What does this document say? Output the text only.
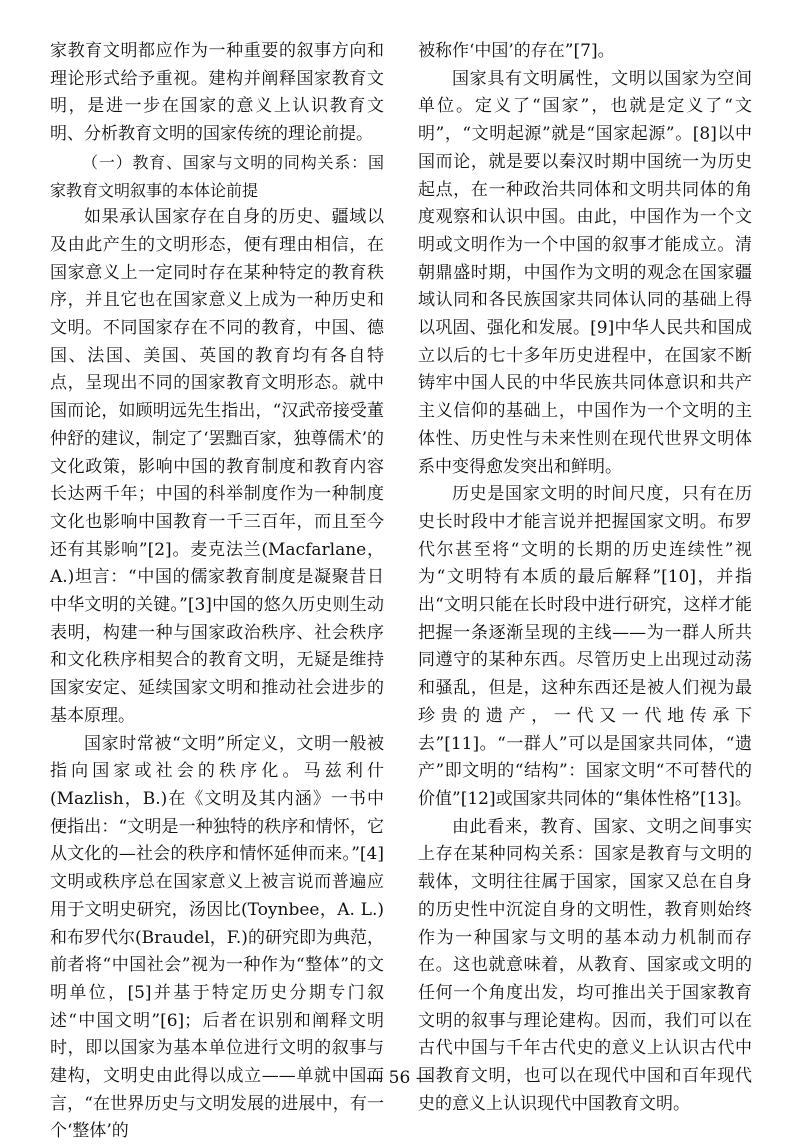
家教育文明都应作为一种重要的叙事方向和理论形式给予重视。建构并阐释国家教育文明，是进一步在国家的意义上认识教育文明、分析教育文明的国家传统的理论前提。

（一）教育、国家与文明的同构关系：国家教育文明叙事的本体论前提

如果承认国家存在自身的历史、疆域以及由此产生的文明形态，便有理由相信，在国家意义上一定同时存在某种特定的教育秩序，并且它也在国家意义上成为一种历史和文明。不同国家存在不同的教育，中国、德国、法国、美国、英国的教育均有各自特点，呈现出不同的国家教育文明形态。就中国而论，如顾明远先生指出，“汉武帝接受董仲舒的建议，制定了‘罢黜百家，独尊儒术’的文化政策，影响中国的教育制度和教育内容长达两千年；中国的科举制度作为一种制度文化也影响中国教育一千三百年，而且至今还有其影响”[2]。麦克法兰(Macfarlane，A.)坦言：“中国的儒家教育制度是凝聚昔日中华文明的关键。”[3]中国的悠久历史则生动表明，构建一种与国家政治秩序、社会秩序和文化秩序相契合的教育文明，无疑是维持国家安定、延续国家文明和推动社会进步的基本原理。

国家时常被“文明”所定义，文明一般被指向国家或社会的秩序化。马兹利什(Mazlish，B.)在《文明及其内涵》一书中便指出：“文明是一种独特的秩序和情怀，它从文化的—社会的秩序和情怀延伸而来。”[4]文明或秩序总在国家意义上被言说而普遍应用于文明史研究，汤因比(Toynbee，A. L.)和布罗代尔(Braudel，F.)的研究即为典范，前者将“中国社会”视为一种作为“整体”的文明单位，[5]并基于特定历史分期专门叙述“中国文明”[6]；后者在识别和阐释文明时，即以国家为基本单位进行文明的叙事与建构，文明史由此得以成立——单就中国而言，“在世界历史与文明发展的进展中，有一个‘整体’的

被称作‘中国’的存在”[7]。

国家具有文明属性，文明以国家为空间单位。定义了“国家”，也就是定义了“文明”，“文明起源”就是“国家起源”。[8]以中国而论，就是要以秦汉时期中国统一为历史起点，在一种政治共同体和文明共同体的角度观察和认识中国。由此，中国作为一个文明或文明作为一个中国的叙事才能成立。清朝鼎盛时期，中国作为文明的观念在国家疆域认同和各民族国家共同体认同的基础上得以巩固、强化和发展。[9]中华人民共和国成立以后的七十多年历史进程中，在国家不断铸牢中国人民的中华民族共同体意识和共产主义信仰的基础上，中国作为一个文明的主体性、历史性与未来性则在现代世界文明体系中变得愈发突出和鲜明。

历史是国家文明的时间尺度，只有在历史长时段中才能言说并把握国家文明。布罗代尔甚至将“文明的长期的历史连续性”视为“文明特有本质的最后解释”[10]，并指出“文明只能在长时段中进行研究，这样才能把握一条逐渐呈现的主线——为一群人所共同遵守的某种东西。尽管历史上出现过动荡和骚乱，但是，这种东西还是被人们视为最珍贵的遗产，一代又一代地传承下去”[11]。“一群人”可以是国家共同体，“遗产”即文明的“结构”：国家文明“不可替代的价值”[12]或国家共同体的“集体性格”[13]。

由此看来，教育、国家、文明之间事实上存在某种同构关系：国家是教育与文明的载体，文明往往属于国家，国家又总在自身的历史性中沉淀自身的文明性，教育则始终作为一种国家与文明的基本动力机制而存在。这也就意味着，从教育、国家或文明的任何一个角度出发，均可推出关于国家教育文明的叙事与理论建构。因而，我们可以在古代中国与千年古代史的意义上认识古代中国教育文明，也可以在现代中国和百年现代史的意义上认识现代中国教育文明。

— 56 —
